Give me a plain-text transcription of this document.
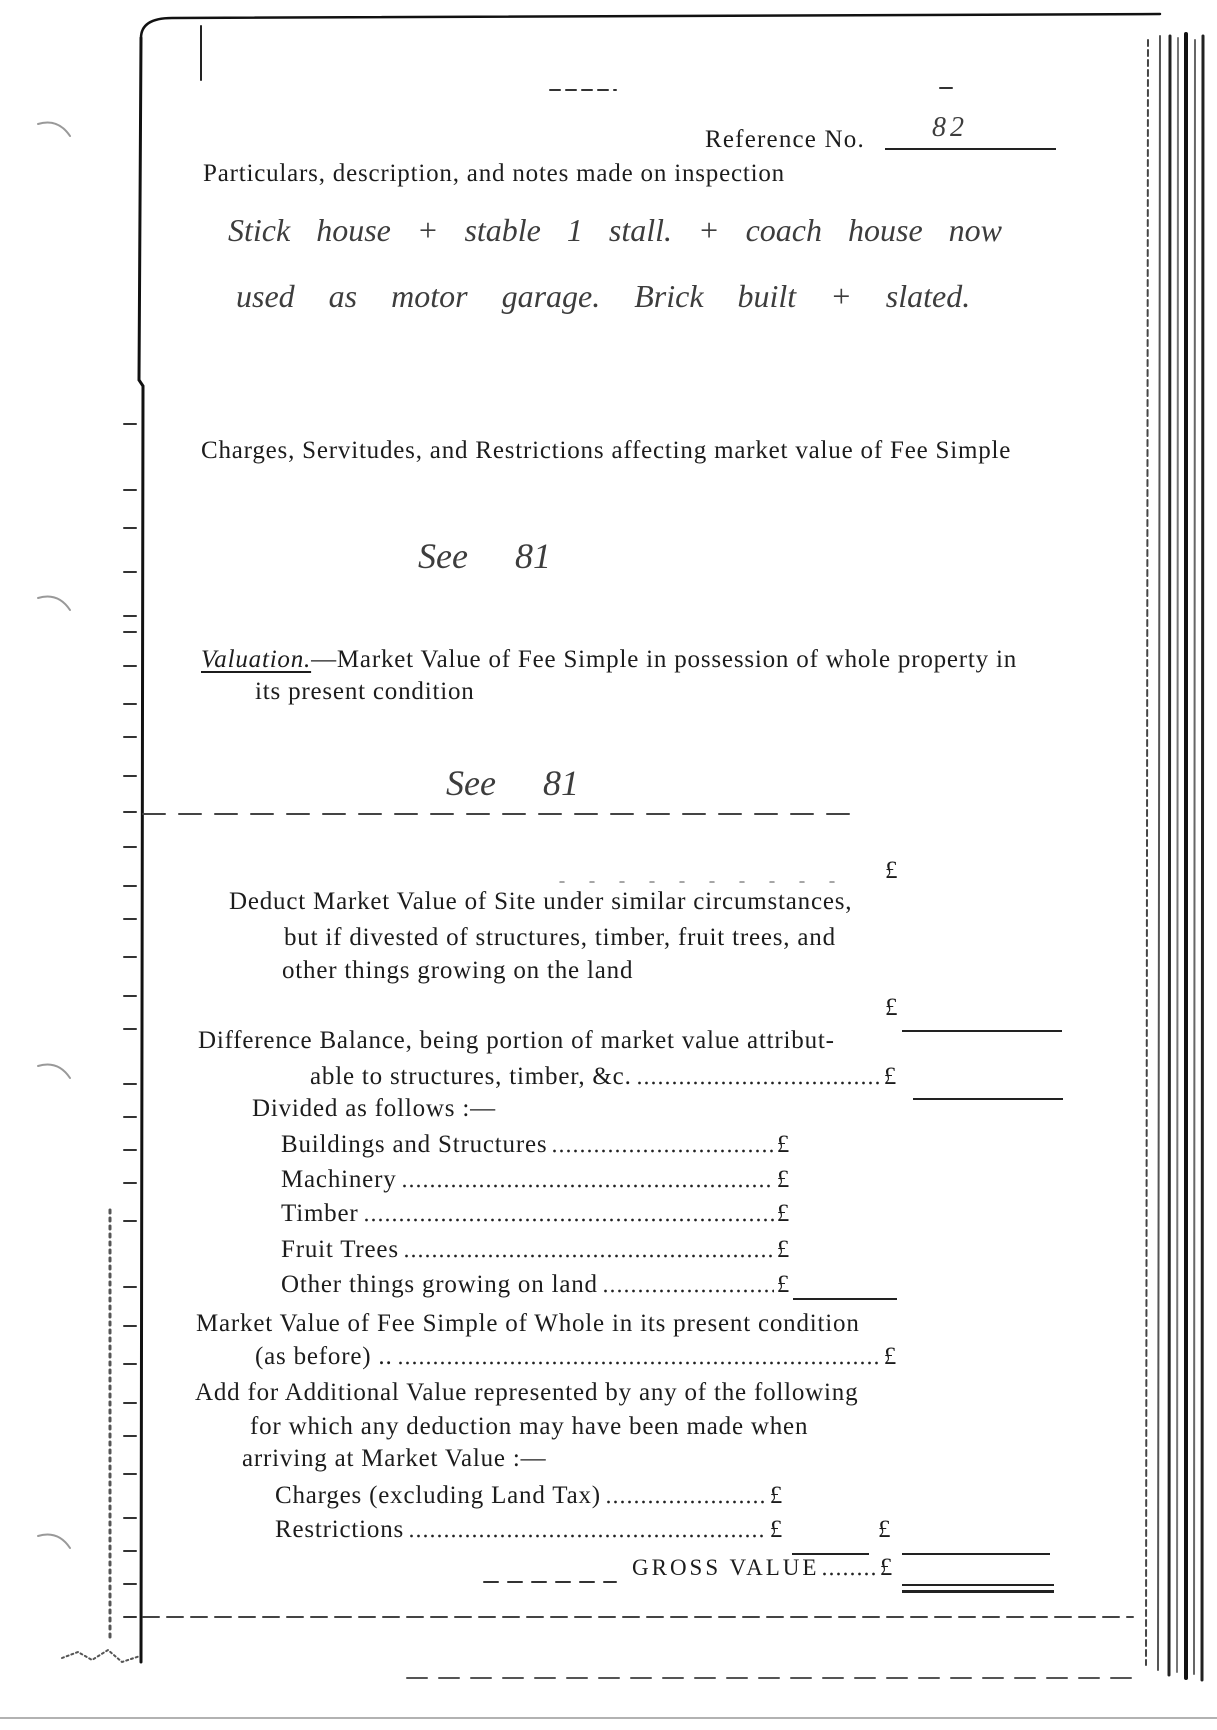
Reference No. 82
Particulars, description, and notes made on inspection
Stick house + stable 1 stall. + coach house now
used as motor garage. Brick built + slated.
Charges, Servitudes, and Restrictions affecting market value of Fee Simple
See 81
Valuation.—Market Value of Fee Simple in possession of whole property in
its present condition
See 81
£
Deduct Market Value of Site under similar circumstances,
but if divested of structures, timber, fruit trees, and
other things growing on the land
£
Difference Balance, being portion of market value attribut-
able to structures, timber, &c.	£
Divided as follows :—
Buildings and Structures	£
Machinery	£
Timber	£
Fruit Trees	£
Other things growing on land	£
Market Value of Fee Simple of Whole in its present condition
(as before) ..	£
Add for Additional Value represented by any of the following
for which any deduction may have been made when
arriving at Market Value :—
Charges (excluding Land Tax)	£
Restrictions	£	£
GROSS VALUE £
